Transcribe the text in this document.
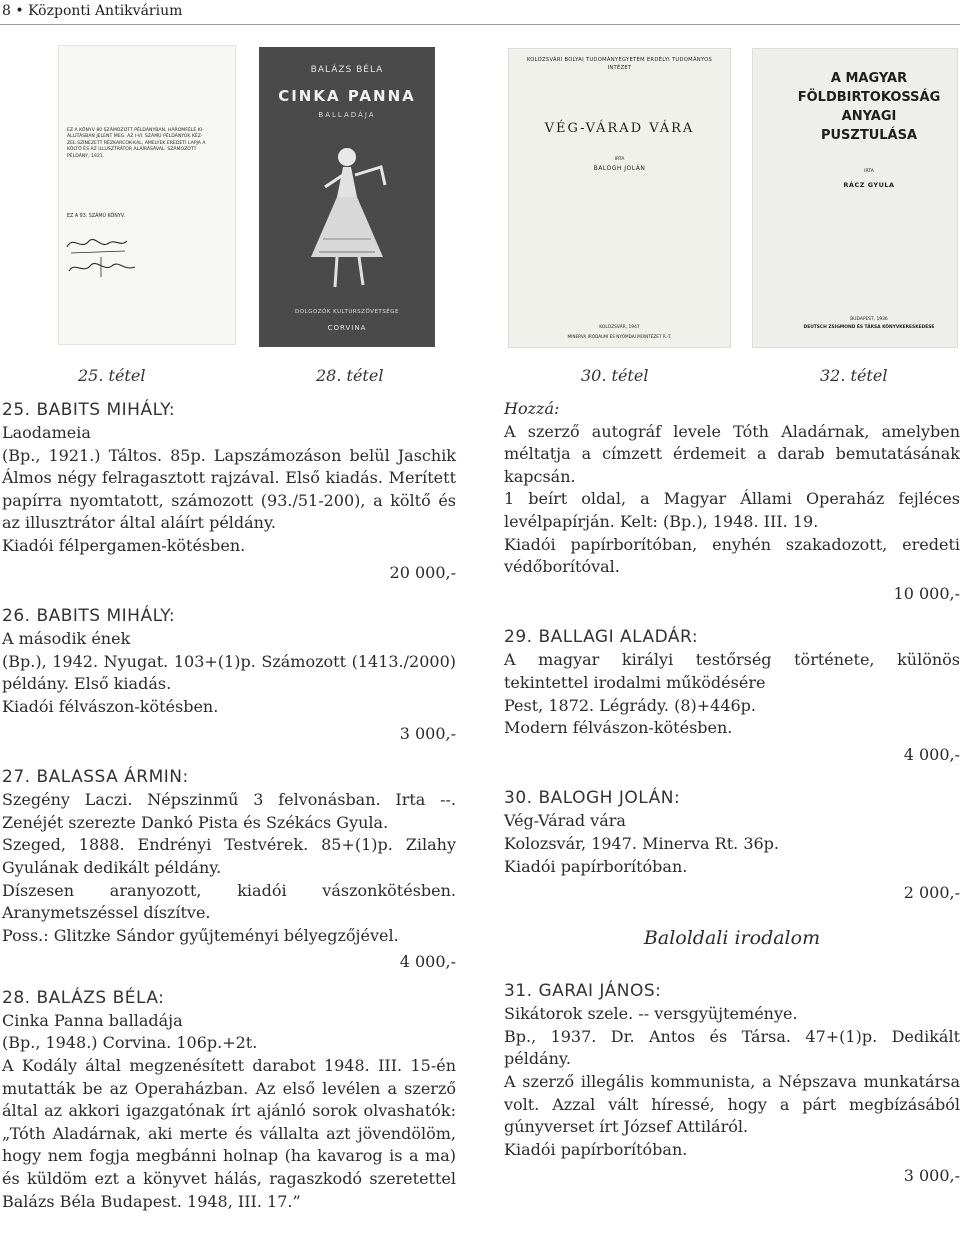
8 • Központi Antikvárium
EZ A KÖNYV 80 SZÁMOZOTT PÉLDÁNYBAN, HÁROMFÉLE KI-ÁLLÍTÁSBAN JELENT MEG. AZ I-VI. SZÁMÚ PÉLDÁNYOK KÉZ-ZEL SZÍNEZETT RÉZKARCOK-KAL, AMELYEK EREDETI LAPJA A KÖLTŐ ÉS AZ ILLUSZTRÁTOR ALÁÍRÁSÁVAL. SZÁMOZOTT PÉLDÁNY, 1921.
EZ A 93. SZÁMÚ KÖNYV.
BALÁZS BÉLA
CINKA PANNA
BALLADÁJA
DOLGOZÓK KULTURSZÖVETSÉGE
CORVINA
KOLOZSVÁRI BOLYAI TUDOMÁNYEGYETEM ERDÉLYI TUDOMÁNYOS INTÉZET
VÉG-VÁRAD VÁRA
IRTA
BALOGH JOLÁN
KOLOZSVÁR, 1947
MINERVA IRODALMI ÉS NYOMDAI MŰINTÉZET R.-T.
A MAGYAR FÖLDBIRTOKOSSÁG ANYAGI PUSZTULÁSA
IRTA
RÁCZ GYULA
BUDAPEST, 1936
DEUTSCH ZSIGMOND ÉS TÁRSA KÖNYVKERESKEDÉSE
25. tétel	28. tétel	30. tétel	32. tétel

25. BABITS MIHÁLY:

Laodameia

(Bp., 1921.) Táltos. 85p. Lapszámozáson belül Jaschik Álmos négy felragasztott rajzával. Első kiadás. Merített papírra nyomtatott, számozott (93./51-200), a költő és az illusztrátor által aláírt példány.

Kiadói félpergamen-kötésben.

20 000,-

26. BABITS MIHÁLY:

A második ének

(Bp.), 1942. Nyugat. 103+(1)p. Számozott (1413./2000) példány. Első kiadás.

Kiadói félvászon-kötésben.

3 000,-

27. BALASSA ÁRMIN:

Szegény Laczi. Népszinmű 3 felvonásban. Irta --. Zenéjét szerezte Dankó Pista és Székács Gyula.

Szeged, 1888. Endrényi Testvérek. 85+(1)p. Zilahy Gyulának dedikált példány.

Díszesen aranyozott, kiadói vászonkötésben. Aranymetszéssel díszítve.

Poss.: Glitzke Sándor gyűjteményi bélyegzőjével.

4 000,-

28. BALÁZS BÉLA:

Cinka Panna balladája

(Bp., 1948.) Corvina. 106p.+2t.

A Kodály által megzenésített darabot 1948. III. 15-én mutatták be az Operaházban. Az első levélen a szerző által az akkori igazgatónak írt ajánló sorok olvashatók: „Tóth Aladárnak, aki merte és vállalta azt jövendölöm, hogy nem fogja megbánni holnap (ha kavarog is a ma) és küldöm ezt a könyvet hálás, ragaszkodó szeretettel Balázs Béla Budapest. 1948, III. 17.”

Hozzá:

A szerző autográf levele Tóth Aladárnak, amelyben méltatja a címzett érdemeit a darab bemutatásának kapcsán.

1 beírt oldal, a Magyar Állami Operaház fejléces levélpapírján. Kelt: (Bp.), 1948. III. 19.

Kiadói papírborítóban, enyhén szakadozott, eredeti védőborítóval.

10 000,-

29. BALLAGI ALADÁR:

A magyar királyi testőrség története, különös tekintettel irodalmi működésére

Pest, 1872. Légrády. (8)+446p.

Modern félvászon-kötésben.

4 000,-

30. BALOGH JOLÁN:

Vég-Várad vára

Kolozsvár, 1947. Minerva Rt. 36p.

Kiadói papírborítóban.

2 000,-

Baloldali irodalom

31. GARAI JÁNOS:

Sikátorok szele. -- versgyüjteménye.

Bp., 1937. Dr. Antos és Társa. 47+(1)p. Dedikált példány.

A szerző illegális kommunista, a Népszava munkatársa volt. Azzal vált híressé, hogy a párt megbízásából gúnyverset írt József Attiláról.

Kiadói papírborítóban.

3 000,-
